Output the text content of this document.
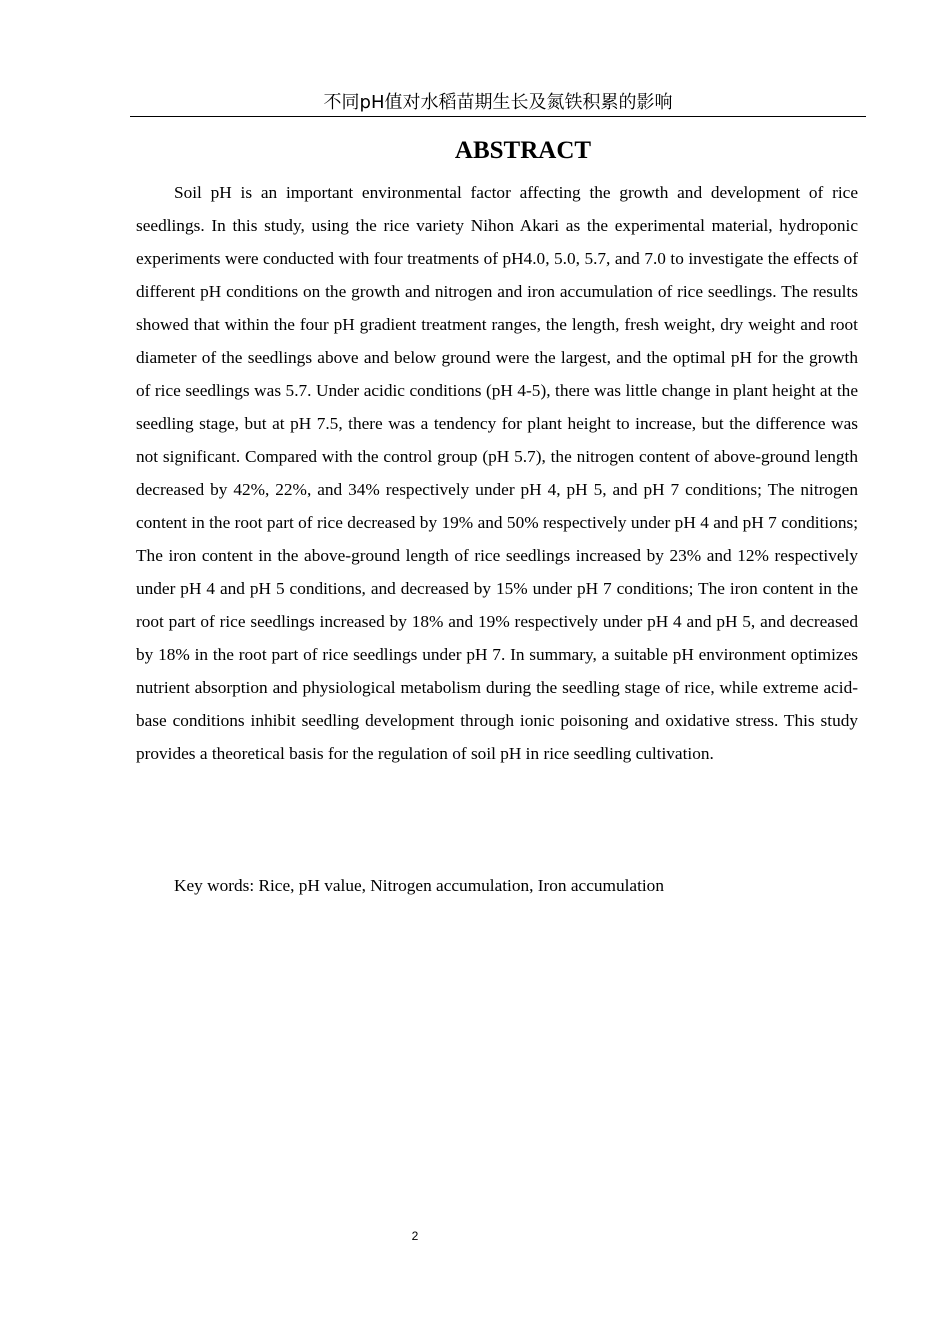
不同pH值对水稻苗期生长及氮铁积累的影响
ABSTRACT

Soil pH is an important environmental factor affecting the growth and development of rice seedlings. In this study, using the rice variety Nihon Akari as the experimental material, hydroponic experiments were conducted with four treatments of pH4.0, 5.0, 5.7, and 7.0 to investigate the effects of different pH conditions on the growth and nitrogen and iron accumulation of rice seedlings. The results showed that within the four pH gradient treatment ranges, the length, fresh weight, dry weight and root diameter of the seedlings above and below ground were the largest, and the optimal pH for the growth of rice seedlings was 5.7. Under acidic conditions (pH 4-5), there was little change in plant height at the seedling stage, but at pH 7.5, there was a tendency for plant height to increase, but the difference was not significant. Compared with the control group (pH 5.7), the nitrogen content of above-ground length decreased by 42%, 22%, and 34% respectively under pH 4, pH 5, and pH 7 conditions; The nitrogen content in the root part of rice decreased by 19% and 50% respectively under pH 4 and pH 7 conditions; The iron content in the above-ground length of rice seedlings increased by 23% and 12% respectively under pH 4 and pH 5 conditions, and decreased by 15% under pH 7 conditions; The iron content in the root part of rice seedlings increased by 18% and 19% respectively under pH 4 and pH 5, and decreased by 18% in the root part of rice seedlings under pH 7. In summary, a suitable pH environment optimizes nutrient absorption and physiological metabolism during the seedling stage of rice, while extreme acid-base conditions inhibit seedling development through ionic poisoning and oxidative stress. This study provides a theoretical basis for the regulation of soil pH in rice seedling cultivation.

Key words: Rice, pH value, Nitrogen accumulation, Iron accumulation

2
